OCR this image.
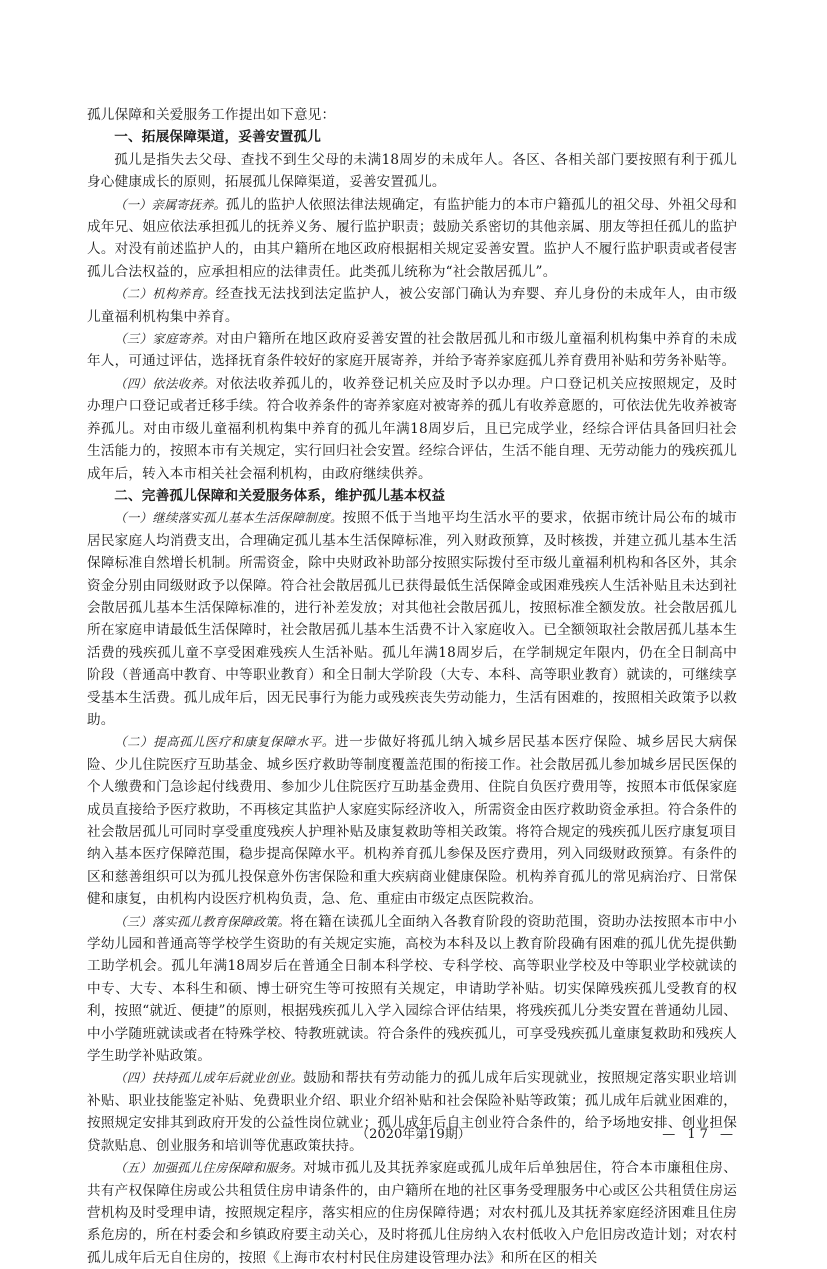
孤儿保障和关爱服务工作提出如下意见：

一、拓展保障渠道，妥善安置孤儿

孤儿是指失去父母、查找不到生父母的未满18周岁的未成年人。各区、各相关部门要按照有利于孤儿身心健康成长的原则，拓展孤儿保障渠道，妥善安置孤儿。

（一）亲属寄抚养。孤儿的监护人依照法律法规确定，有监护能力的本市户籍孤儿的祖父母、外祖父母和成年兄、姐应依法承担孤儿的抚养义务、履行监护职责；鼓励关系密切的其他亲属、朋友等担任孤儿的监护人。对没有前述监护人的，由其户籍所在地区政府根据相关规定妥善安置。监护人不履行监护职责或者侵害孤儿合法权益的，应承担相应的法律责任。此类孤儿统称为“社会散居孤儿”。

（二）机构养育。经查找无法找到法定监护人，被公安部门确认为弃婴、弃儿身份的未成年人，由市级儿童福利机构集中养育。

（三）家庭寄养。对由户籍所在地区政府妥善安置的社会散居孤儿和市级儿童福利机构集中养育的未成年人，可通过评估，选择抚育条件较好的家庭开展寄养，并给予寄养家庭孤儿养育费用补贴和劳务补贴等。

（四）依法收养。对依法收养孤儿的，收养登记机关应及时予以办理。户口登记机关应按照规定，及时办理户口登记或者迁移手续。符合收养条件的寄养家庭对被寄养的孤儿有收养意愿的，可依法优先收养被寄养孤儿。对由市级儿童福利机构集中养育的孤儿年满18周岁后，且已完成学业，经综合评估具备回归社会生活能力的，按照本市有关规定，实行回归社会安置。经综合评估，生活不能自理、无劳动能力的残疾孤儿成年后，转入本市相关社会福利机构，由政府继续供养。

二、完善孤儿保障和关爱服务体系，维护孤儿基本权益

（一）继续落实孤儿基本生活保障制度。按照不低于当地平均生活水平的要求，依据市统计局公布的城市居民家庭人均消费支出，合理确定孤儿基本生活保障标准，列入财政预算，及时核拨，并建立孤儿基本生活保障标准自然增长机制。所需资金，除中央财政补助部分按照实际拨付至市级儿童福利机构和各区外，其余资金分别由同级财政予以保障。符合社会散居孤儿已获得最低生活保障金或困难残疾人生活补贴且未达到社会散居孤儿基本生活保障标准的，进行补差发放；对其他社会散居孤儿，按照标准全额发放。社会散居孤儿所在家庭申请最低生活保障时，社会散居孤儿基本生活费不计入家庭收入。已全额领取社会散居孤儿基本生活费的残疾孤儿童不享受困难残疾人生活补贴。孤儿年满18周岁后，在学制规定年限内，仍在全日制高中阶段（普通高中教育、中等职业教育）和全日制大学阶段（大专、本科、高等职业教育）就读的，可继续享受基本生活费。孤儿成年后，因无民事行为能力或残疾丧失劳动能力，生活有困难的，按照相关政策予以救助。

（二）提高孤儿医疗和康复保障水平。进一步做好将孤儿纳入城乡居民基本医疗保险、城乡居民大病保险、少儿住院医疗互助基金、城乡医疗救助等制度覆盖范围的衔接工作。社会散居孤儿参加城乡居民医保的个人缴费和门急诊起付线费用、参加少儿住院医疗互助基金费用、住院自负医疗费用等，按照本市低保家庭成员直接给予医疗救助，不再核定其监护人家庭实际经济收入，所需资金由医疗救助资金承担。符合条件的社会散居孤儿可同时享受重度残疾人护理补贴及康复救助等相关政策。将符合规定的残疾孤儿医疗康复项目纳入基本医疗保障范围，稳步提高保障水平。机构养育孤儿参保及医疗费用，列入同级财政预算。有条件的区和慈善组织可以为孤儿投保意外伤害保险和重大疾病商业健康保险。机构养育孤儿的常见病治疗、日常保健和康复，由机构内设医疗机构负责，急、危、重症由市级定点医院救治。

（三）落实孤儿教育保障政策。将在籍在读孤儿全面纳入各教育阶段的资助范围，资助办法按照本市中小学幼儿园和普通高等学校学生资助的有关规定实施，高校为本科及以上教育阶段确有困难的孤儿优先提供勤工助学机会。孤儿年满18周岁后在普通全日制本科学校、专科学校、高等职业学校及中等职业学校就读的中专、大专、本科生和硕、博士研究生等可按照有关规定，申请助学补贴。切实保障残疾孤儿受教育的权利，按照“就近、便捷”的原则，根据残疾孤儿入学入园综合评估结果，将残疾孤儿分类安置在普通幼儿园、中小学随班就读或者在特殊学校、特教班就读。符合条件的残疾孤儿，可享受残疾孤儿童康复救助和残疾人学生助学补贴政策。

（四）扶持孤儿成年后就业创业。鼓励和帮扶有劳动能力的孤儿成年后实现就业，按照规定落实职业培训补贴、职业技能鉴定补贴、免费职业介绍、职业介绍补贴和社会保险补贴等政策；孤儿成年后就业困难的，按照规定安排其到政府开发的公益性岗位就业；孤儿成年后自主创业符合条件的，给予场地安排、创业担保贷款贴息、创业服务和培训等优惠政策扶持。

（五）加强孤儿住房保障和服务。对城市孤儿及其抚养家庭或孤儿成年后单独居住，符合本市廉租住房、共有产权保障住房或公共租赁住房申请条件的，由户籍所在地的社区事务受理服务中心或区公共租赁住房运营机构及时受理申请，按照规定程序，落实相应的住房保障待遇；对农村孤儿及其抚养家庭经济困难且住房系危房的，所在村委会和乡镇政府要主动关心，及时将孤儿住房纳入农村低收入户危旧房改造计划；对农村孤儿成年后无自住房的，按照《上海市农村村民住房建设管理办法》和所在区的相关

（2020年第19期）	— 17 —
